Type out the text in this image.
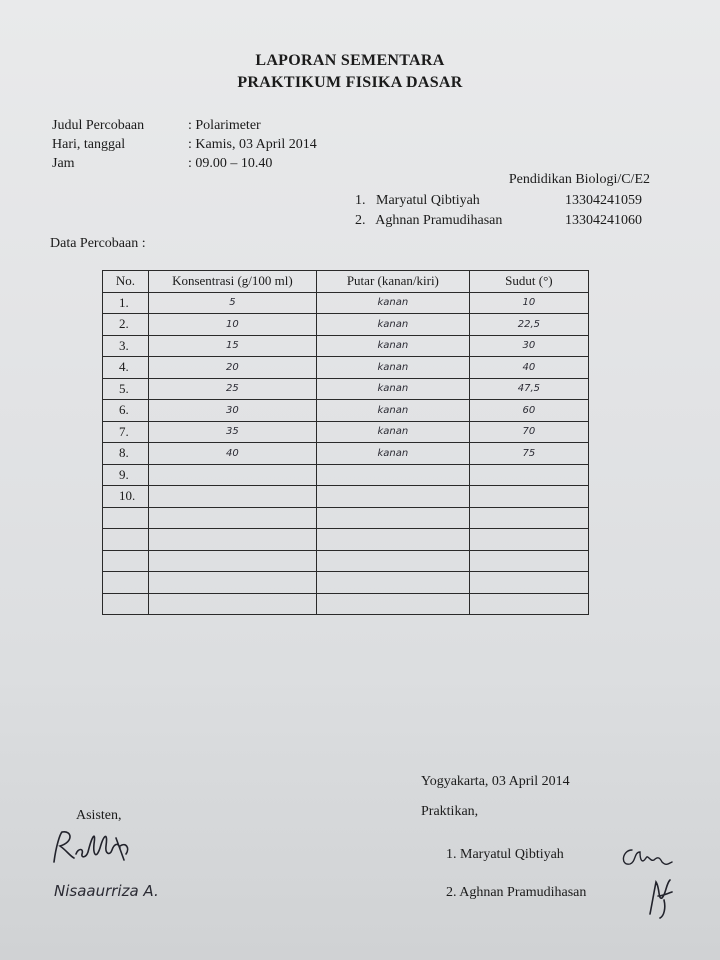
LAPORAN SEMENTARA
PRAKTIKUM FISIKA DASAR
Judul Percobaan	: Polarimeter
Hari, tanggal	: Kamis, 03 April 2014
Jam	: 09.00 – 10.40
Pendidikan Biologi/C/E2
1. Maryatul Qibtiyah	13304241059
2. Aghnan Pramudihasan	13304241060
Data Percobaan :
No.	Konsentrasi (g/100 ml)	Putar (kanan/kiri)	Sudut (°)
1.	5	kanan	10
2.	10	kanan	22,5
3.	15	kanan	30
4.	20	kanan	40
5.	25	kanan	47,5
6.	30	kanan	60
7.	35	kanan	70
8.	40	kanan	75
9.			
10.			

Yogyakarta, 03 April 2014
Praktikan,
Asisten,
Nisaaurriza A.
1. Maryatul Qibtiyah
2. Aghnan Pramudihasan
